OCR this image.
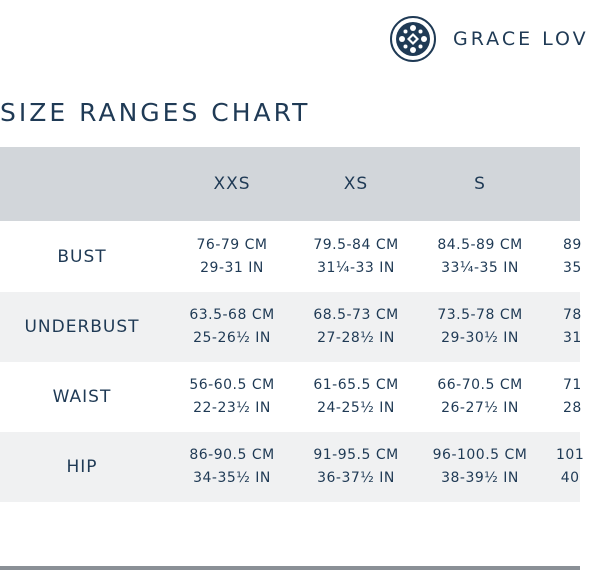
GRACE LOV
SIZE RANGES CHART
XXS	XS	S
BUST
76-79 CM
29-31 IN
79.5-84 CM
31¼-33 IN
84.5-89 CM
33¼-35 IN
89
35
UNDERBUST
63.5-68 CM
25-26½ IN
68.5-73 CM
27-28½ IN
73.5-78 CM
29-30½ IN
78
31
WAIST
56-60.5 CM
22-23½ IN
61-65.5 CM
24-25½ IN
66-70.5 CM
26-27½ IN
71
28
HIP
86-90.5 CM
34-35½ IN
91-95.5 CM
36-37½ IN
96-100.5 CM
38-39½ IN
101
40
